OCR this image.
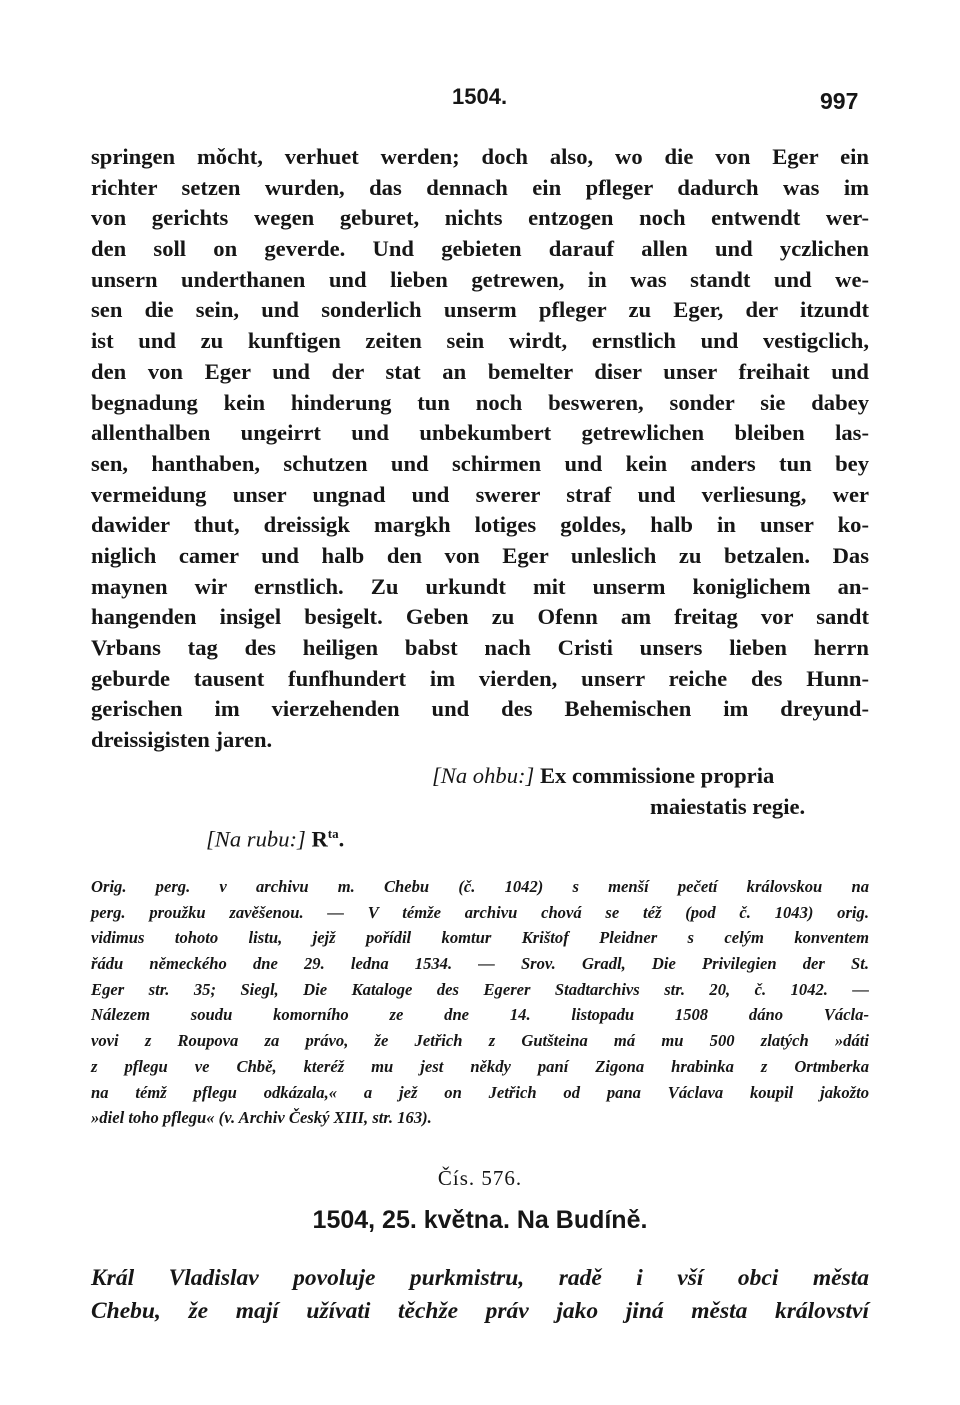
1504.	997
springen mǒcht, verhuet werden; doch also, wo die von Eger ein
richter setzen wurden, das dennach ein pfleger dadurch was im
von gerichts wegen geburet, nichts entzogen noch entwendt wer-
den soll on geverde. Und gebieten darauf allen und yczlichen
unsern underthanen und lieben getrewen, in was standt und we-
sen die sein, und sonderlich unserm pfleger zu Eger, der itzundt
ist und zu kunftigen zeiten sein wirdt, ernstlich und vestigclich,
den von Eger und der stat an bemelter diser unser freihait und
begnadung kein hinderung tun noch besweren, sonder sie dabey
allenthalben ungeirrt und unbekumbert getrewlichen bleiben las-
sen, hanthaben, schutzen und schirmen und kein anders tun bey
vermeidung unser ungnad und swerer straf und verliesung, wer
dawider thut, dreissigk margkh lotiges goldes, halb in unser ko-
niglich camer und halb den von Eger unleslich zu betzalen. Das
maynen wir ernstlich. Zu urkundt mit unserm koniglichem an-
hangenden insigel besigelt. Geben zu Ofenn am freitag vor sandt
Vrbans tag des heiligen babst nach Cristi unsers lieben herrn
geburde tausent funfhundert im vierden, unserr reiche des Hunn-
gerischen im vierzehenden und des Behemischen im dreyund-
dreissigisten jaren.
[Na ohbu:] Ex commissione propria
maiestatis regie.
[Na rubu:] $R^{ta}$.
Orig. perg. v archivu m. Chebu (č. 1042) s menší pečetí královskou na
perg. proužku zavěšenou. — V témže archivu chová se též (pod č. 1043) orig.
vidimus tohoto listu, jejž pořídil komtur Krištof Pleidner s celým konventem
řádu německého dne 29. ledna 1534. — Srov. Gradl, Die Privilegien der St.
Eger str. 35; Siegl, Die Kataloge des Egerer Stadtarchivs str. 20, č. 1042. —
Nálezem soudu komorního ze dne 14. listopadu 1508 dáno Václa-
vovi z Roupova za právo, že Jetřich z Gutšteina má mu 500 zlatých »dáti
z pflegu ve Chbě, kteréž mu jest někdy paní Zigona hrabinka z Ortmberka
na témž pflegu odkázala,« a jež on Jetřich od pana Václava koupil jakožto
»diel toho pflegu« (v. Archiv Český XIII, str. 163).
Čís. 576.
1504, 25. května. Na Budíně.
Král Vladislav povoluje purkmistru, radě i vší obci města
Chebu, že mají užívati těchže práv jako jiná města království
